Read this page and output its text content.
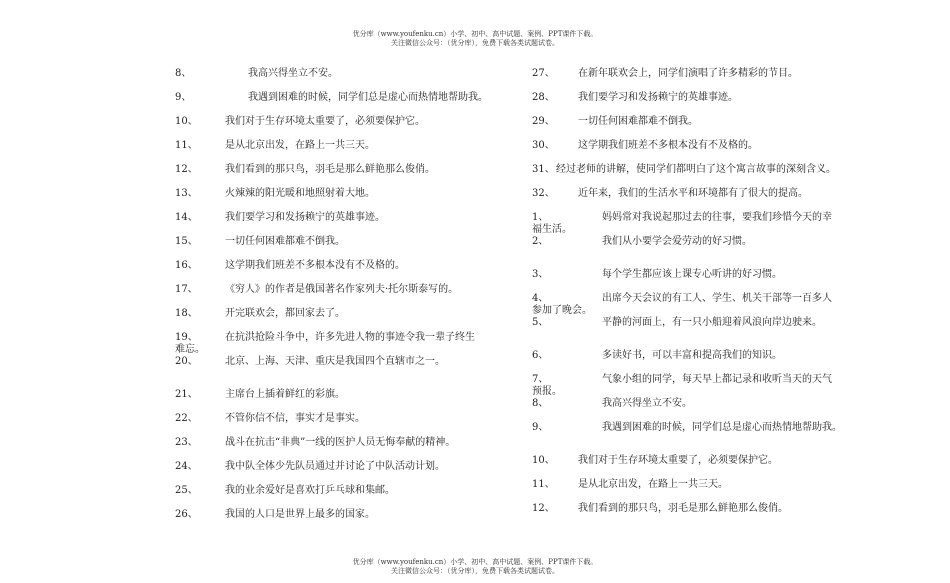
优分库（www.youfenku.cn）小学、初中、高中试题、案例、PPT课件下载。
关注微信公众号：（优分库），免费下载各类试题试卷。
8、	我高兴得坐立不安。
9、	我遇到困难的时候，同学们总是虚心而热情地帮助我。
10、	我们对于生存环境太重要了，必须要保护它。
11、	是从北京出发，在路上一共三天。
12、	我们看到的那只鸟，羽毛是那么鲜艳那么俊俏。
13、	火辣辣的阳光暖和地照射着大地。
14、	我们要学习和发扬赖宁的英雄事迹。
15、	一切任何困难都难不倒我。
16、	这学期我们班差不多根本没有不及格的。
17、	《穷人》的作者是俄国著名作家列夫·托尔斯泰写的。
18、	开完联欢会，都回家去了。
19、	在抗洪抢险斗争中，许多先进人物的事迹令我一辈子终生
难忘。
20、	北京、上海、天津、重庆是我国四个直辖市之一。
21、	主席台上插着鲜红的彩旗。
22、	不管你信不信，事实才是事实。
23、	战斗在抗击“非典”一线的医护人员无悔奉献的精神。
24、	我中队全体少先队员通过并讨论了中队活动计划。
25、	我的业余爱好是喜欢打乒乓球和集邮。
26、	我国的人口是世界上最多的国家。
27、	在新年联欢会上，同学们演唱了许多精彩的节目。
28、	我们要学习和发扬赖宁的英雄事迹。
29、	一切任何困难都难不倒我。
30、	这学期我们班差不多根本没有不及格的。
31、 经过老师的讲解，使同学们都明白了这个寓言故事的深刻含义。
32、	近年来，我们的生活水平和环境都有了很大的提高。
1、	妈妈常对我说起那过去的往事，要我们珍惜今天的幸
福生活。
2、	我们从小要学会爱劳动的好习惯。
3、	每个学生都应该上课专心听讲的好习惯。
4、	出席今天会议的有工人、学生、机关干部等一百多人
参加了晚会。
5、	平静的河面上，有一只小船迎着风浪向岸边驶来。
6、	多读好书，可以丰富和提高我们的知识。
7、	气象小组的同学，每天早上都记录和收听当天的天气
预报。
8、	我高兴得坐立不安。
9、	我遇到困难的时候，同学们总是虚心而热情地帮助我。
10、	我们对于生存环境太重要了，必须要保护它。
11、	是从北京出发，在路上一共三天。
12、	我们看到的那只鸟，羽毛是那么鲜艳那么俊俏。
优分库（www.youfenku.cn）小学、初中、高中试题、案例、PPT课件下载。
关注微信公众号：（优分库），免费下载各类试题试卷。
